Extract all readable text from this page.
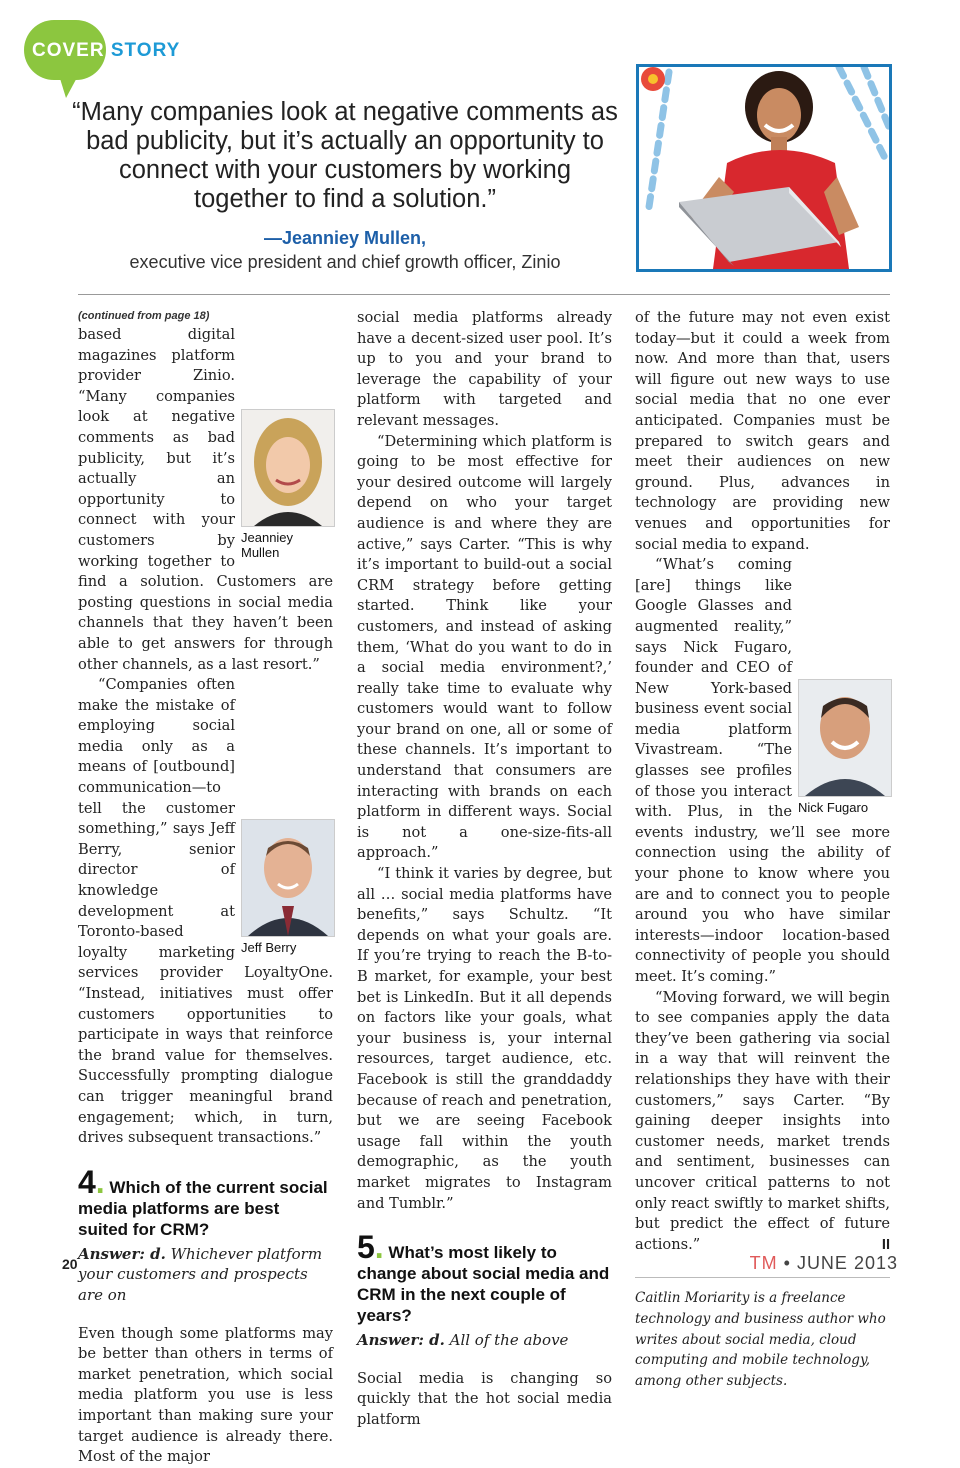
COVER STORY
“Many companies look at negative comments as bad publicity, but it’s actually an opportunity to connect with your customers by working together to find a solution.”
—Jeanniey Mullen,
executive vice president and chief growth officer, Zinio
(continued from page 18)
Jeanniey Mullen

based digital magazines platform provider Zinio. “Many companies look at negative comments as bad publicity, but it’s actually an opportunity to connect with your customers by working together to find a solution. Customers are posting questions in social media channels that they haven’t been able to get answers for through other channels, as a last resort.”

Jeff Berry

“Companies often make the mistake of employing social media only as a means of [outbound] communication—to tell the customer something,” says Jeff Berry, senior director of knowledge development at Toronto-based loyalty marketing services provider LoyaltyOne. “Instead, initiatives must offer customers opportunities to participate in ways that reinforce the brand value for themselves. Successfully prompting dialogue can trigger meaningful brand engagement; which, in turn, drives subsequent transactions.”

4. Which of the current social media platforms are best suited for CRM?
Answer: d. Whichever platform your customers and prospects are on

Even though some platforms may be better than others in terms of market penetration, which social media platform you use is less important than making sure your target audience is already there. Most of the major

social media platforms already have a decent-sized user pool. It’s up to you and your brand to leverage the capability of your platform with targeted and relevant messages.

“Determining which platform is going to be most effective for your desired outcome will largely depend on who your target audience is and where they are active,” says Carter. “This is why it’s important to build-out a social CRM strategy before getting started. Think like your customers, and instead of asking them, ‘What do you want to do in a social media environment?,’ really take time to evaluate why customers would want to follow your brand on one, all or some of these channels. It’s important to understand that consumers are interacting with brands on each platform in different ways. Social is not a one-size-fits-all approach.”

“I think it varies by degree, but all … social media platforms have benefits,” says Schultz. “It depends on what your goals are. If you’re trying to reach the B-to-B market, for example, your best bet is LinkedIn. But it all depends on factors like your goals, what your business is, your internal resources, target audience, etc. Facebook is still the granddaddy because of reach and penetration, but we are seeing Facebook usage fall within the youth demographic, as the youth market migrates to Instagram and Tumblr.”

5. What’s most likely to change about social media and CRM in the next couple of years?
Answer: d. All of the above

Social media is changing so quickly that the hot social media platform

of the future may not even exist today—but it could a week from now. And more than that, users will figure out new ways to use social media that no one ever anticipated. Companies must be prepared to switch gears and meet their audiences on new ground. Plus, advances in technology are providing new venues and opportunities for social media to expand.

Nick Fugaro

“What’s coming [are] things like Google Glasses and augmented reality,” says Nick Fugaro, founder and CEO of New York-based business event social media platform Vivastream. “The glasses see profiles of those you interact with. Plus, in the events industry, we’ll see more connection using the ability of your phone to know where you are and to connect you to people around you who have similar interests—indoor location-based connectivity of people you should meet. It’s coming.”

“Moving forward, we will begin to see companies apply the data they’ve been gathering via social in a way that will reinvent the relationships they have with their customers,” says Carter. “By gaining deeper insights into customer needs, market trends and sentiment, businesses can uncover critical patterns to not only react swiftly to market shifts, but predict the effect of future actions.”	II

Caitlin Moriarity is a freelance technology and business author who writes about social media, cloud computing and mobile technology, among other subjects.
20	TM • JUNE 2013
